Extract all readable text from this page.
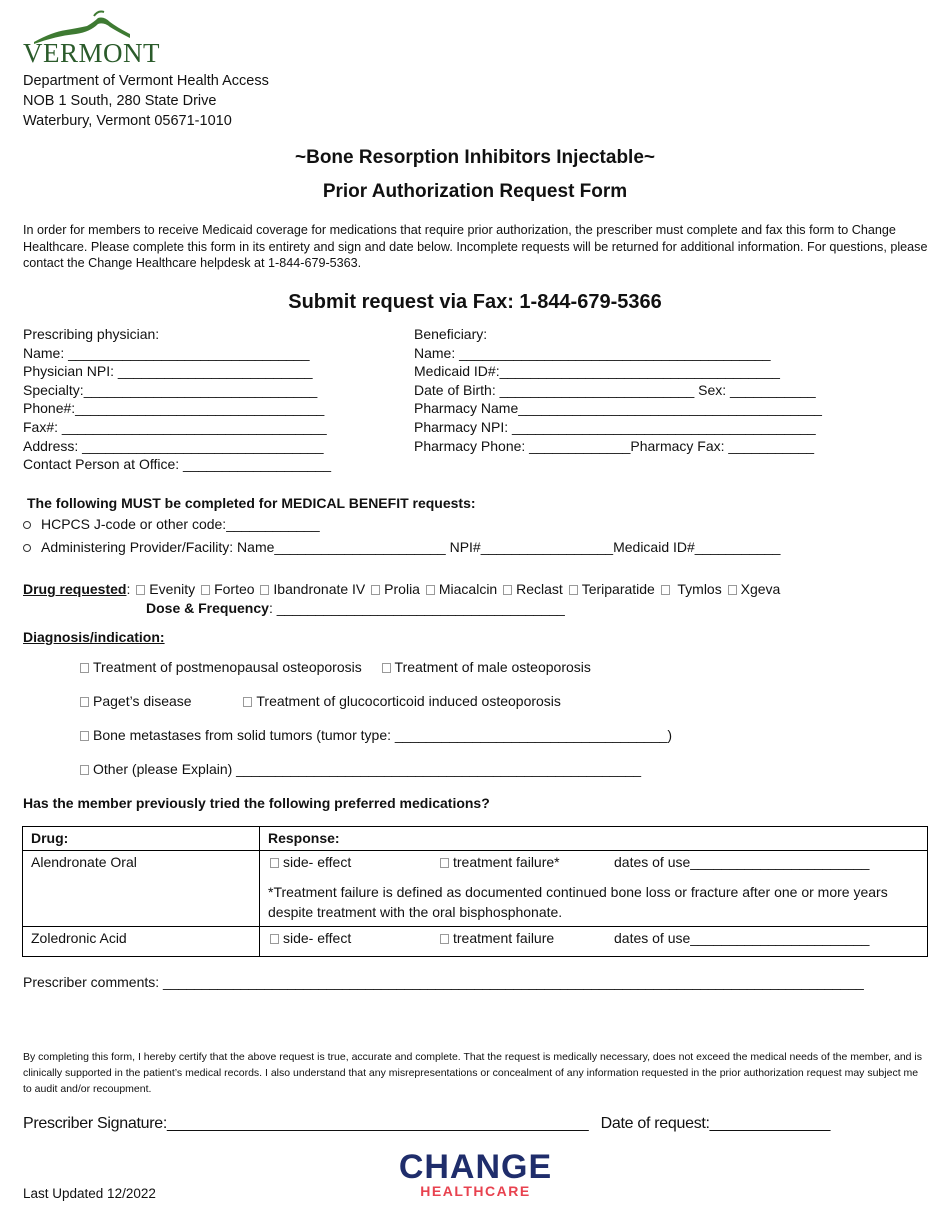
VERMONT
Department of Vermont Health Access
NOB 1 South, 280 State Drive
Waterbury, Vermont 05671-1010
~Bone Resorption Inhibitors Injectable~
Prior Authorization Request Form
In order for members to receive Medicaid coverage for medications that require prior authorization, the prescriber must complete and fax this form to Change Healthcare. Please complete this form in its entirety and sign and date below. Incomplete requests will be returned for additional information. For questions, please contact the Change Healthcare helpdesk at 1-844-679-5363.
Submit request via Fax: 1-844-679-5366
Prescribing physician:
Name: _______________________________
Physician NPI: _________________________
Specialty:______________________________
Phone#:________________________________
Fax#: __________________________________
Address: _______________________________
Contact Person at Office: ___________________
Beneficiary:
Name: ________________________________________
Medicaid ID#:____________________________________
Date of Birth: _________________________ Sex: ___________
Pharmacy Name_______________________________________
Pharmacy NPI: _______________________________________
Pharmacy Phone: _____________Pharmacy Fax: ___________
The following MUST be completed for MEDICAL BENEFIT requests:
HCPCS J-code or other code:____________
Administering Provider/Facility: Name______________________ NPI#_________________Medicaid ID#___________
Drug requested: Evenity Forteo Ibandronate IV Prolia Miacalcin Reclast Teriparatide  Tymlos Xgeva
Dose & Frequency: _____________________________________
Diagnosis/indication:
Treatment of postmenopausal osteoporosis Treatment of male osteoporosis
Paget’s disease	Treatment of glucocorticoid induced osteoporosis
Bone metastases from solid tumors (tumor type: ___________________________________)
Other (please Explain) ____________________________________________________
Has the member previously tried the following preferred medications?
Drug:	Response:
Alendronate Oral	side- effect treatment failure* dates of use_______________________
*Treatment failure is defined as documented continued bone loss or fracture after one or more years despite treatment with the oral bisphosphonate.

Zoledronic Acid	side- effect treatment failure dates of use_______________________
Prescriber comments: __________________________________________________________________________________________
By completing this form, I hereby certify that the above request is true, accurate and complete. That the request is medically necessary, does not exceed the medical needs of the member, and is clinically supported in the patient’s medical records. I also understand that any misrepresentations or concealment of any information requested in the prior authorization request may subject me to audit and/or recoupment.
Prescriber Signature:_________________________________________________ Date of request:______________
Last Updated 12/2022
CHANGE
HEALTHCARE
